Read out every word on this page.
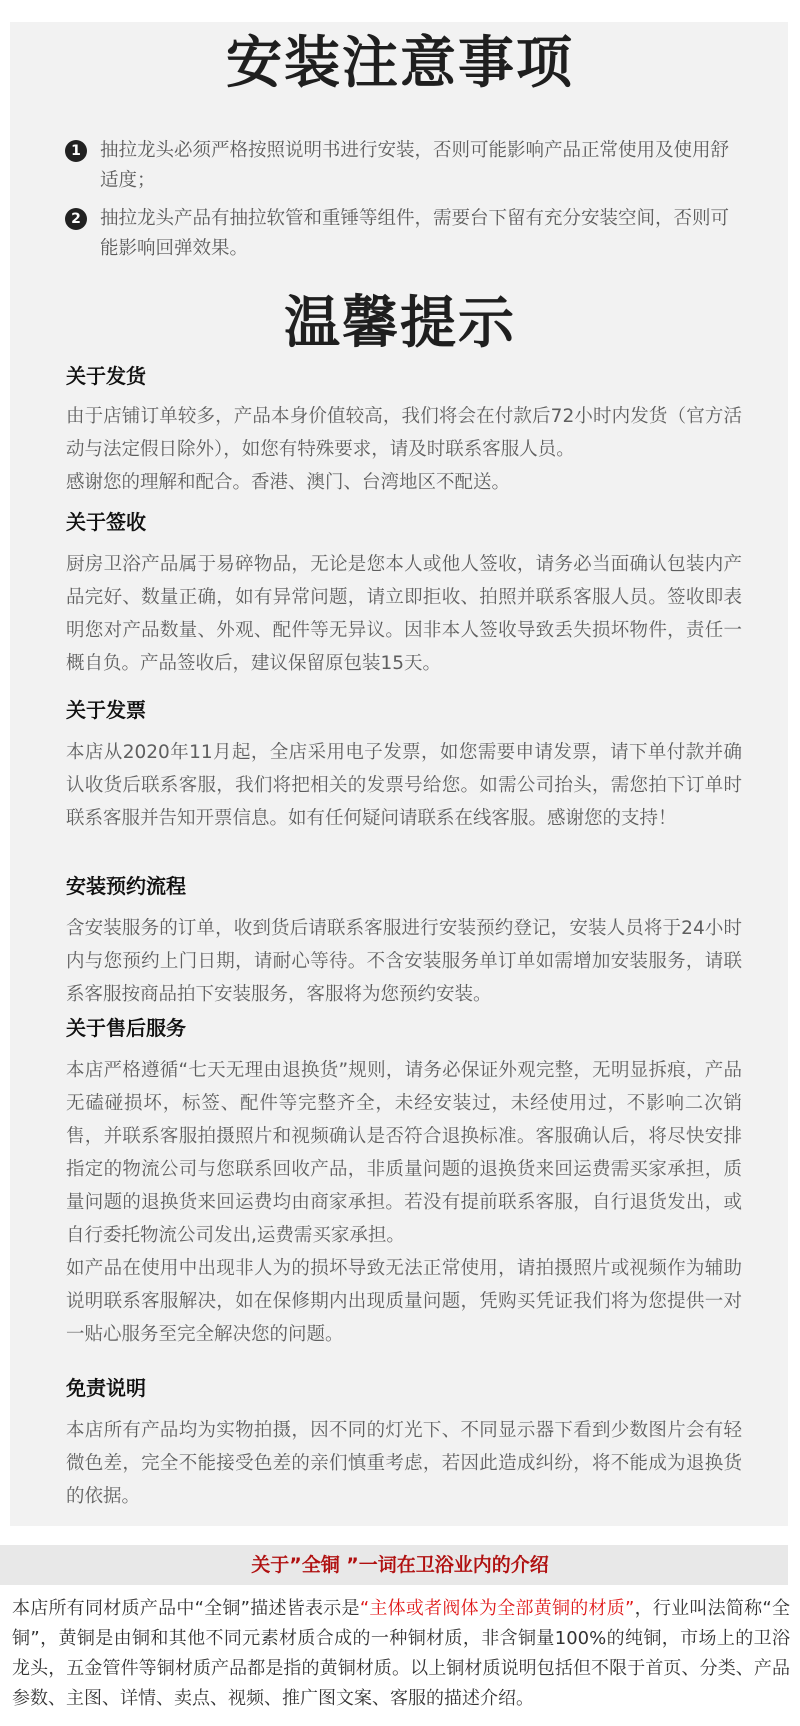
安装注意事项
1	抽拉龙头必须严格按照说明书进行安装，否则可能影响产品正常使用及使用舒适度；
2	抽拉龙头产品有抽拉软管和重锤等组件，需要台下留有充分安装空间，否则可能影响回弹效果。
温馨提示
关于发货
由于店铺订单较多，产品本身价值较高，我们将会在付款后72小时内发货（官方活动与法定假日除外），如您有特殊要求，请及时联系客服人员。
感谢您的理解和配合。香港、澳门、台湾地区不配送。
关于签收
厨房卫浴产品属于易碎物品，无论是您本人或他人签收，请务必当面确认包装内产品完好、数量正确，如有异常问题，请立即拒收、拍照并联系客服人员。签收即表明您对产品数量、外观、配件等无异议。因非本人签收导致丢失损坏物件，责任一概自负。产品签收后，建议保留原包装15天。
关于发票
本店从2020年11月起，全店采用电子发票，如您需要申请发票，请下单付款并确认收货后联系客服，我们将把相关的发票号给您。如需公司抬头，需您拍下订单时联系客服并告知开票信息。如有任何疑问请联系在线客服。感谢您的支持！
安装预约流程
含安装服务的订单，收到货后请联系客服进行安装预约登记，安装人员将于24小时内与您预约上门日期，请耐心等待。不含安装服务单订单如需增加安装服务，请联系客服按商品拍下安装服务，客服将为您预约安装。
关于售后服务
本店严格遵循“七天无理由退换货”规则，请务必保证外观完整，无明显拆痕，产品无磕碰损坏，标签、配件等完整齐全，未经安装过，未经使用过，不影响二次销售，并联系客服拍摄照片和视频确认是否符合退换标准。客服确认后，将尽快安排指定的物流公司与您联系回收产品，非质量问题的退换货来回运费需买家承担，质量问题的退换货来回运费均由商家承担。若没有提前联系客服，自行退货发出，或自行委托物流公司发出,运费需买家承担。
如产品在使用中出现非人为的损坏导致无法正常使用，请拍摄照片或视频作为辅助说明联系客服解决，如在保修期内出现质量问题，凭购买凭证我们将为您提供一对一贴心服务至完全解决您的问题。
免责说明
本店所有产品均为实物拍摄，因不同的灯光下、不同显示器下看到少数图片会有轻微色差，完全不能接受色差的亲们慎重考虑，若因此造成纠纷，将不能成为退换货的依据。
关于”全铜 ”一词在卫浴业内的介绍
本店所有同材质产品中“全铜”描述皆表示是“主体或者阀体为全部黄铜的材质”，行业叫法简称“全铜”，黄铜是由铜和其他不同元素材质合成的一种铜材质，非含铜量100%的纯铜，市场上的卫浴龙头，五金管件等铜材质产品都是指的黄铜材质。以上铜材质说明包括但不限于首页、分类、产品参数、主图、详情、卖点、视频、推广图文案、客服的描述介绍。
